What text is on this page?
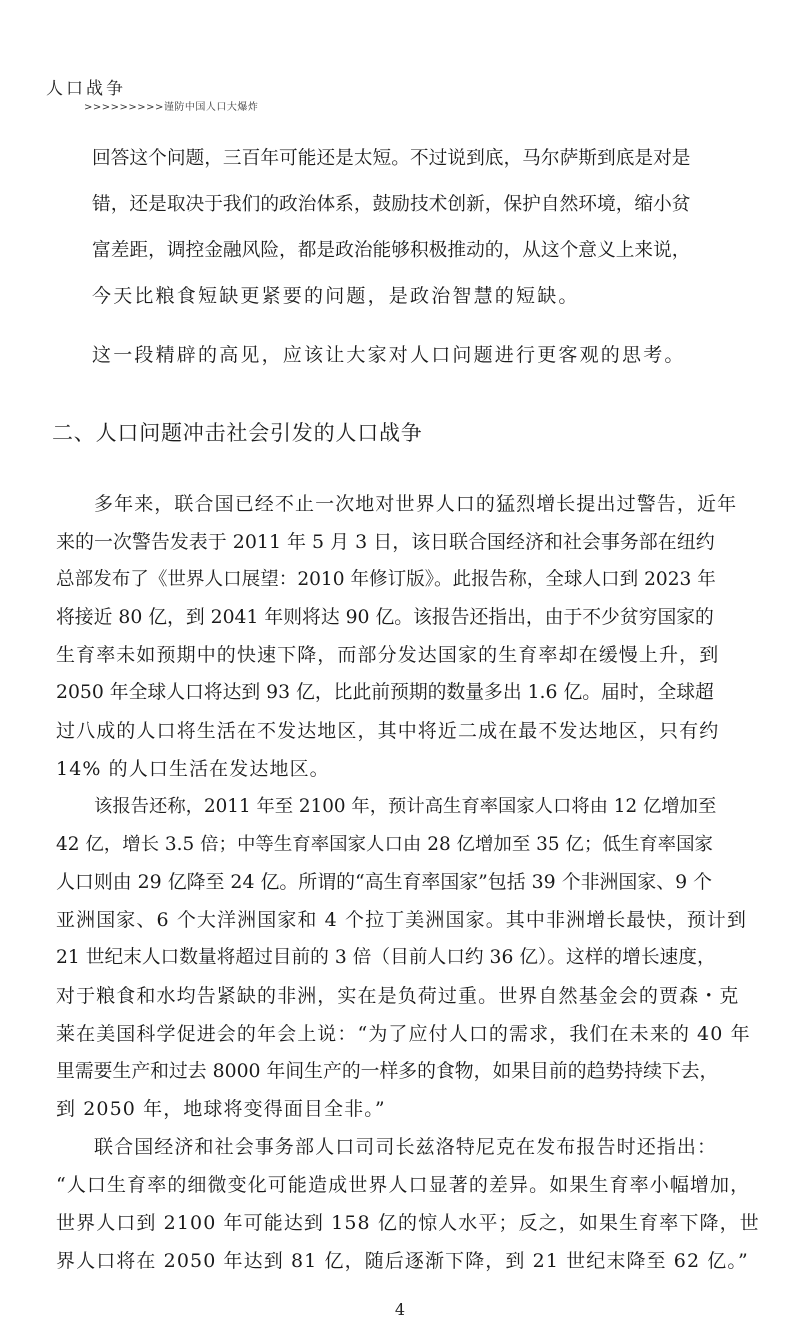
人口战争
>>>>>>>>>谨防中国人口大爆炸
回答这个问题，三百年可能还是太短。不过说到底，马尔萨斯到底是对是
错，还是取决于我们的政治体系，鼓励技术创新，保护自然环境，缩小贫
富差距，调控金融风险，都是政治能够积极推动的，从这个意义上来说，
今天比粮食短缺更紧要的问题，是政治智慧的短缺。
这一段精辟的高见，应该让大家对人口问题进行更客观的思考。
二、人口问题冲击社会引发的人口战争
多年来，联合国已经不止一次地对世界人口的猛烈增长提出过警告，近年
来的一次警告发表于 2011 年 5 月 3 日，该日联合国经济和社会事务部在纽约
总部发布了《世界人口展望：2010 年修订版》。此报告称，全球人口到 2023 年
将接近 80 亿，到 2041 年则将达 90 亿。该报告还指出，由于不少贫穷国家的
生育率未如预期中的快速下降，而部分发达国家的生育率却在缓慢上升，到
2050 年全球人口将达到 93 亿，比此前预期的数量多出 1.6 亿。届时，全球超
过八成的人口将生活在不发达地区，其中将近二成在最不发达地区，只有约
14% 的人口生活在发达地区。
该报告还称，2011 年至 2100 年，预计高生育率国家人口将由 12 亿增加至
42 亿，增长 3.5 倍；中等生育率国家人口由 28 亿增加至 35 亿；低生育率国家
人口则由 29 亿降至 24 亿。所谓的“高生育率国家”包括 39 个非洲国家、9 个
亚洲国家、6 个大洋洲国家和 4 个拉丁美洲国家。其中非洲增长最快，预计到
21 世纪末人口数量将超过目前的 3 倍（目前人口约 36 亿）。这样的增长速度，
对于粮食和水均告紧缺的非洲，实在是负荷过重。世界自然基金会的贾森・克
莱在美国科学促进会的年会上说：“为了应付人口的需求，我们在未来的 40 年
里需要生产和过去 8000 年间生产的一样多的食物，如果目前的趋势持续下去，
到 2050 年，地球将变得面目全非。”
联合国经济和社会事务部人口司司长兹洛特尼克在发布报告时还指出：
“人口生育率的细微变化可能造成世界人口显著的差异。如果生育率小幅增加，
世界人口到 2100 年可能达到 158 亿的惊人水平；反之，如果生育率下降，世
界人口将在 2050 年达到 81 亿，随后逐渐下降，到 21 世纪末降至 62 亿。”
4
